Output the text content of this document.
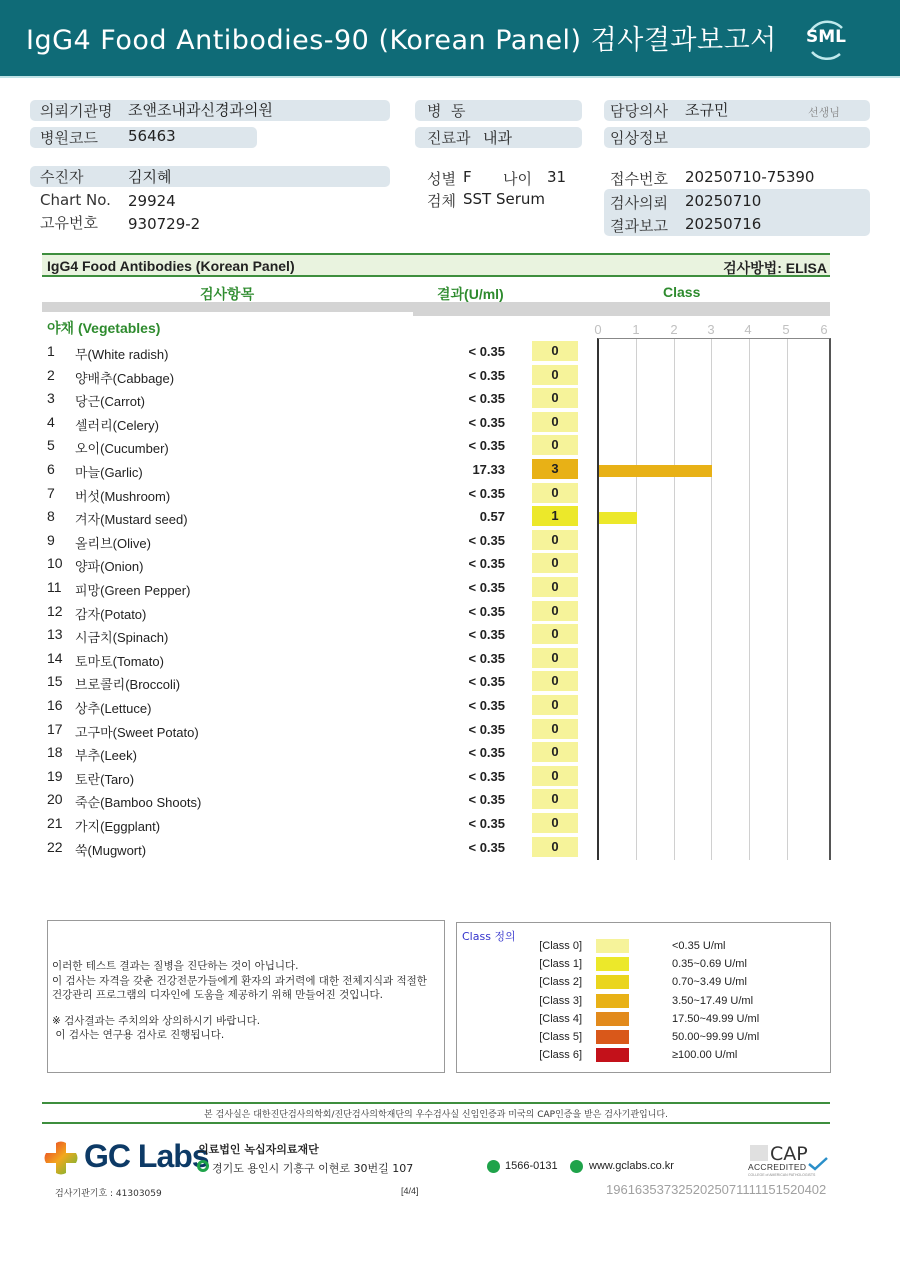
IgG4 Food Antibodies-90 (Korean Panel) 검사결과보고서	SML
의뢰기관명 조앤조내과신경과의원
병원코드 56463
병  동
진료과 내과
담당의사 조규민	선생님
임상정보
수진자	김지혜
Chart No. 29924
고유번호 930729-2
성별 F 나이 31
검체 SST Serum
접수번호 20250710-75390
검사의뢰 20250710
결과보고 20250716
IgG4 Food Antibodies (Korean Panel)	검사방법: ELISA
검사항목	결과(U/ml)	Class
야채 (Vegetables)	0	1	2	3	4	5	6
1 무(White radish)	< 0.35	0
2 양배추(Cabbage)	< 0.35	0
3 당근(Carrot)	< 0.35	0
4 셀러리(Celery)	< 0.35	0
5 오이(Cucumber)	< 0.35	0
6 마늘(Garlic)	17.33	3
7 버섯(Mushroom)	< 0.35	0
8 겨자(Mustard seed)	0.57	1
9 올리브(Olive)	< 0.35	0
10 양파(Onion)	< 0.35	0
11 피망(Green Pepper)	< 0.35	0
12 감자(Potato)	< 0.35	0
13 시금치(Spinach)	< 0.35	0
14 토마토(Tomato)	< 0.35	0
15 브로콜리(Broccoli)	< 0.35	0
16 상추(Lettuce)	< 0.35	0
17 고구마(Sweet Potato)	< 0.35	0
18 부추(Leek)	< 0.35	0
19 토란(Taro)	< 0.35	0
20 죽순(Bamboo Shoots)	< 0.35	0
21 가지(Eggplant)	< 0.35	0
22 쑥(Mugwort)	< 0.35	0
이러한 테스트 결과는 질병을 진단하는 것이 아닙니다.
이 검사는 자격을 갖춘 건강전문가들에게 환자의 과거력에 대한 전체지식과 적절한
건강관리 프로그램의 디자인에 도움을 제공하기 위해 만들어진 것입니다.
※ 검사결과는 주치의와 상의하시기 바랍니다.
이 검사는 연구용 검사로 진행됩니다.
Class 정의
[Class 0]	<0.35 U/ml
[Class 1]	0.35~0.69 U/ml
[Class 2]	0.70~3.49 U/ml
[Class 3]	3.50~17.49 U/ml
[Class 4]	17.50~49.99 U/ml
[Class 5]	50.00~99.99 U/ml
[Class 6]	≥100.00 U/ml
본 검사실은 대한진단검사의학회/진단검사의학재단의 우수검사실 신임인증과 미국의 CAP인증을 받은 검사기관입니다.
GC Labs
의료법인 녹십자의료재단
경기도 용인시 기흥구 이현로 30번길 107	1566-0131	www.gclabs.co.kr
CAP
ACCREDITED
COLLEGE of AMERICAN PATHOLOGISTS
검사기관기호 : 41303059	[4/4]	1961635373252025071111151520402
